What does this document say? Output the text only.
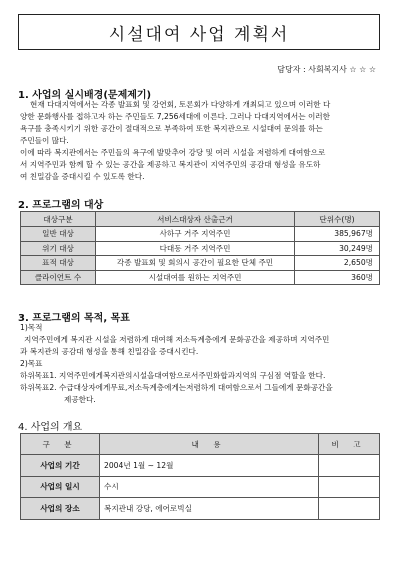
시설대여 사업 계획서
담당자 : 사회복지사 ☆ ☆ ☆
1. 사업의 실시배경(문제제기)
현재 다대지역에서는 각종 발표회 및 강연회, 토론회가 다양하게 개최되고 있으며 이러한 다
양한 문화행사를 접하고자 하는 주민들도 7,256세대에 이른다. 그러나 다대지역에서는 이러한
욕구를 충족시키기 위한 공간이 절대적으로 부족하여 또한 복지관으로 시설대여 문의를 하는
주민들이 많다.
이에 따라 복지관에서는 주민들의 욕구에 발맞추어 강당 및 여러 시설을 저렴하게 대여함으로
서 지역주민과 함께 할 수 있는 공간을 제공하고 복지관이 지역주민의 공감대 형성을 유도하
여 친밀감을 증대시킬 수 있도록 한다.
2. 프로그램의 대상
대상구분	서비스대상자 산출근거	단위수(명)
일반 대상	사하구 거주 지역주민	385,967명
위기 대상	다대동 거주 지역주민	30,249명
표적 대상	각종 발표회 및 회의시 공간이 필요한 단체 주민	2,650명
클라이언트 수	시설대여를 원하는 지역주민	360명
3. 프로그램의 목적, 목표
1)목적
지역주민에게 복지관 시설을 저렴하게 대여해 저소득계층에게 문화공간을 제공하며 지역주민
과 복지관의 공감대 형성을 통해 친밀감을 증대시킨다.
2)목표
하위목표1. 지역주민에게복지관의시설을대여함으로서주민화합과지역의 구심점 역할을 한다.
하위목표2. 수급대상자에게무료,저소득계층에게는저렴하게 대여함으로서 그들에게 문화공간을
제공한다.
4. 사업의 개요
구 분	내 용	비 고
사업의 기간	2004년 1월 ~ 12월	
사업의 일시	수시	
사업의 장소	복지관내 강당, 에어로빅실	
